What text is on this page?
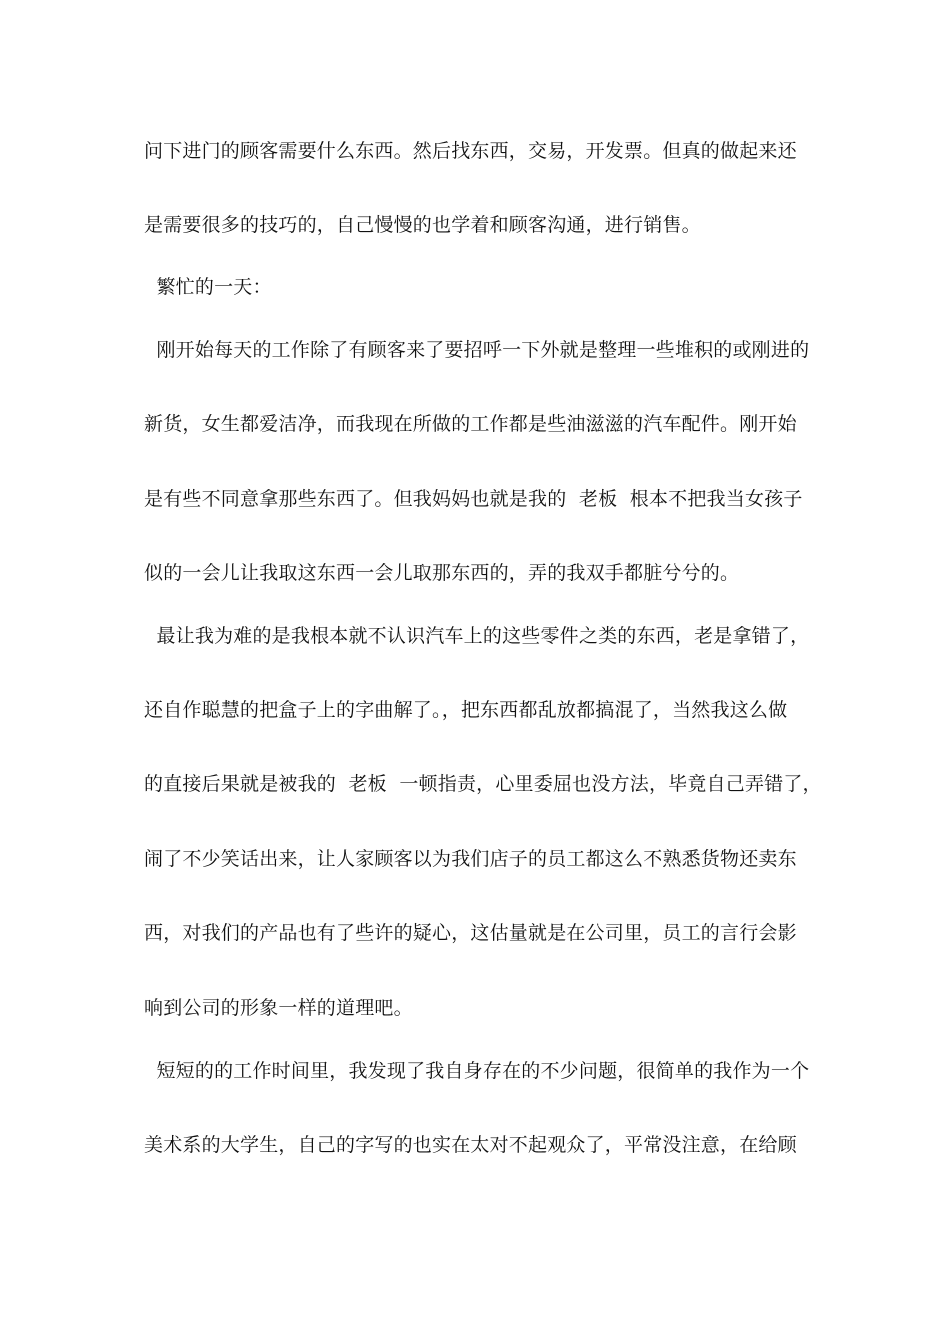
问下进门的顾客需要什么东西。然后找东西，交易，开发票。但真的做起来还
是需要很多的技巧的，自己慢慢的也学着和顾客沟通，进行销售。
繁忙的一天：
刚开始每天的工作除了有顾客来了要招呼一下外就是整理一些堆积的或刚进的
新货，女生都爱洁净，而我现在所做的工作都是些油滋滋的汽车配件。刚开始
是有些不同意拿那些东西了。但我妈妈也就是我的  老板  根本不把我当女孩子
似的一会儿让我取这东西一会儿取那东西的，弄的我双手都脏兮兮的。
最让我为难的是我根本就不认识汽车上的这些零件之类的东西，老是拿错了，
还自作聪慧的把盒子上的字曲解了。，把东西都乱放都搞混了，当然我这么做
的直接后果就是被我的  老板  一顿指责，心里委屈也没方法，毕竟自己弄错了，
闹了不少笑话出来，让人家顾客以为我们店子的员工都这么不熟悉货物还卖东
西，对我们的产品也有了些许的疑心，这估量就是在公司里，员工的言行会影
响到公司的形象一样的道理吧。
短短的的工作时间里，我发现了我自身存在的不少问题，很简单的我作为一个
美术系的大学生，自己的字写的也实在太对不起观众了，平常没注意，在给顾
